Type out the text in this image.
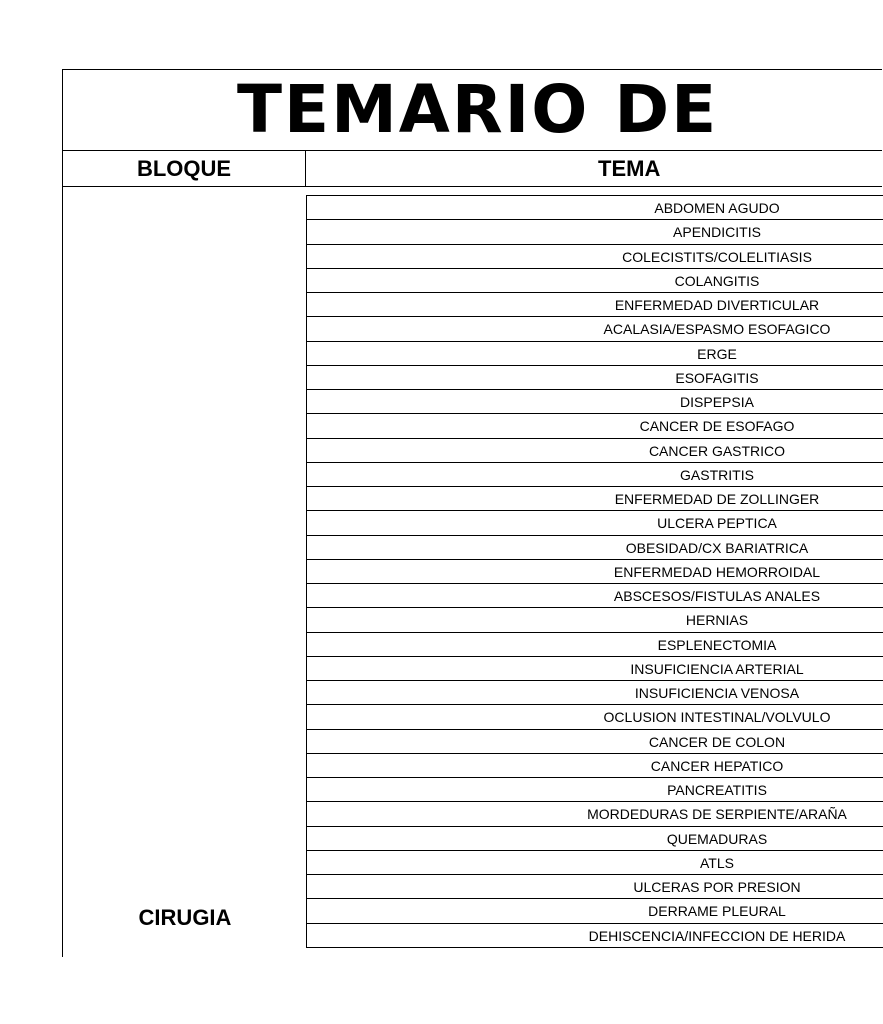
TEMARIO DE
BLOQUE	TEMA
CIRUGIA
ABDOMEN AGUDO
APENDICITIS
COLECISTITS/COLELITIASIS
COLANGITIS
ENFERMEDAD DIVERTICULAR
ACALASIA/ESPASMO ESOFAGICO
ERGE
ESOFAGITIS
DISPEPSIA
CANCER DE ESOFAGO
CANCER GASTRICO
GASTRITIS
ENFERMEDAD DE ZOLLINGER
ULCERA PEPTICA
OBESIDAD/CX BARIATRICA
ENFERMEDAD HEMORROIDAL
ABSCESOS/FISTULAS ANALES
HERNIAS
ESPLENECTOMIA
INSUFICIENCIA ARTERIAL
INSUFICIENCIA VENOSA
OCLUSION INTESTINAL/VOLVULO
CANCER DE COLON
CANCER HEPATICO
PANCREATITIS
MORDEDURAS DE SERPIENTE/ARAÑA
QUEMADURAS
ATLS
ULCERAS POR PRESION
DERRAME PLEURAL
DEHISCENCIA/INFECCION DE HERIDA
